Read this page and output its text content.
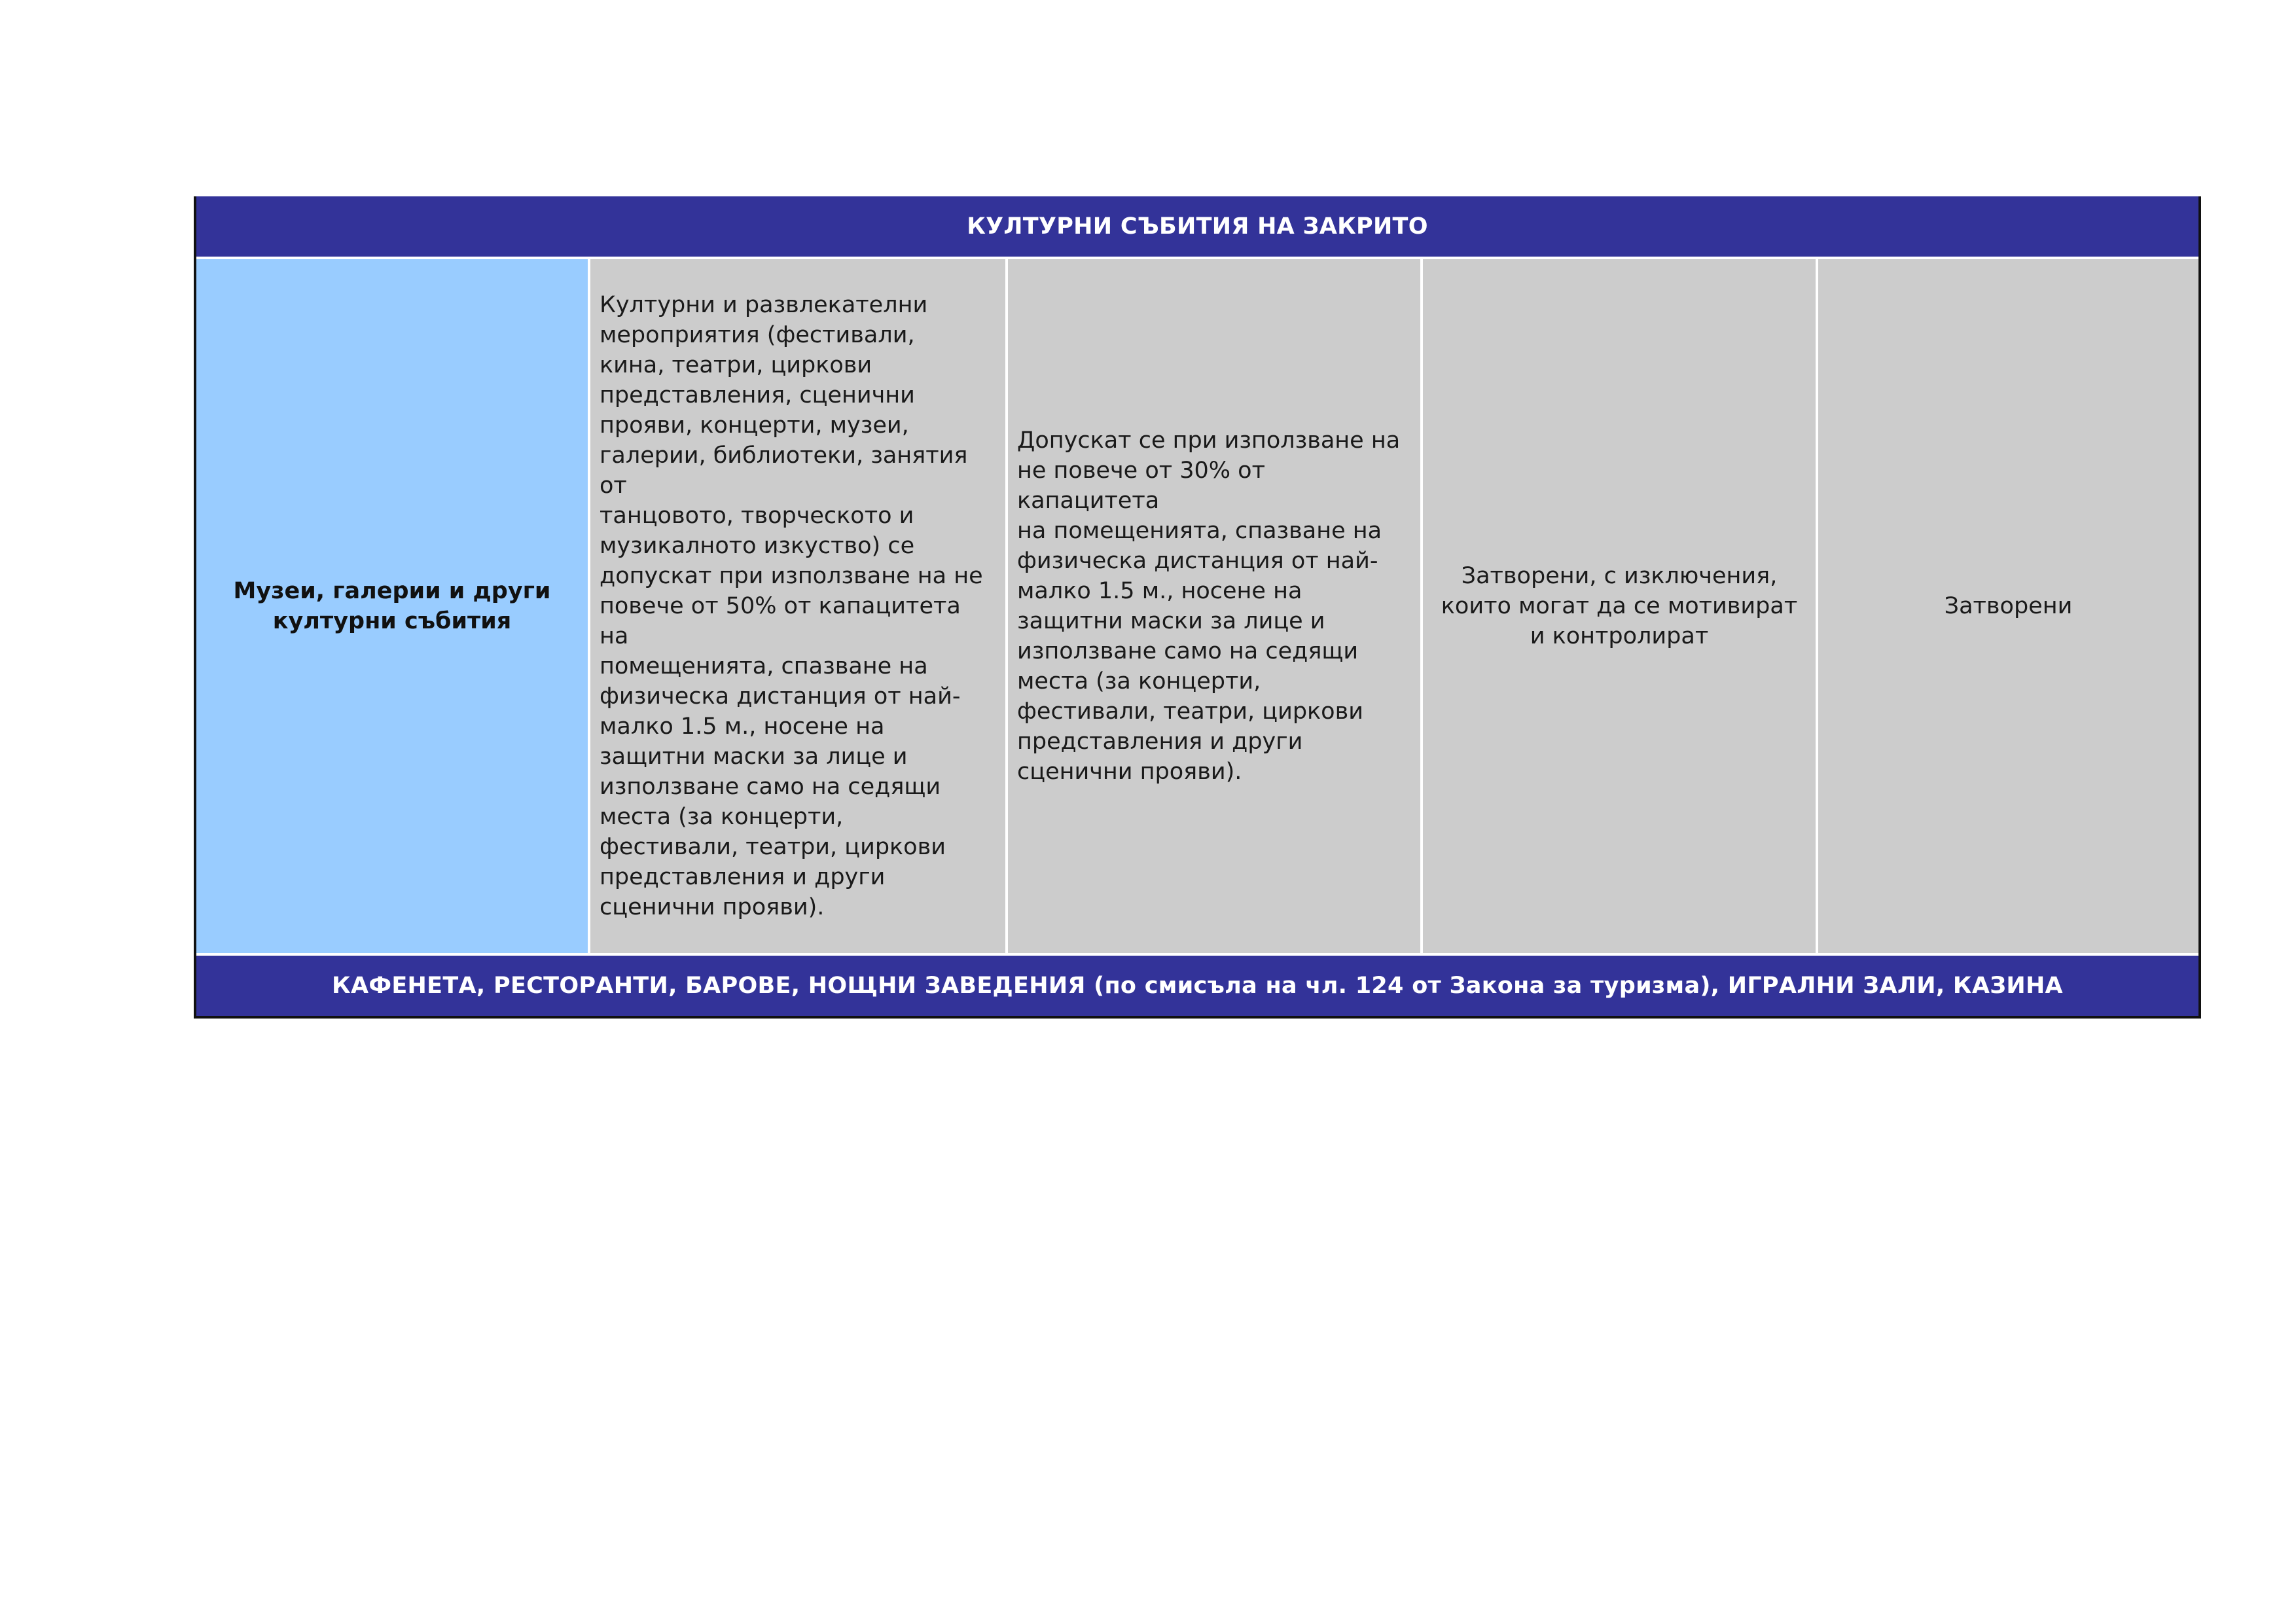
КУЛТУРНИ СЪБИТИЯ НА ЗАКРИТО
Музеи, галерии и други
културни събития
Културни и развлекателни
мероприятия (фестивали,
кина, театри, циркови
представления, сценични
прояви, концерти, музеи,
галерии, библиотеки, занятия от
танцовото, творческото и
музикалното изкуство) се
допускат при използване на не
повече от 50% от капацитета на
помещенията, спазване на
физическа дистанция от най-
малко 1.5 м., носене на
защитни маски за лице и
използване само на седящи
места (за концерти,
фестивали, театри, циркови
представления и други
сценични прояви).
Допускат се при използване на
не повече от 30% от капацитета
на помещенията, спазване на
физическа дистанция от най-
малко 1.5 м., носене на
защитни маски за лице и
използване само на седящи
места (за концерти,
фестивали, театри, циркови
представления и други
сценични прояви).
Затворени, с изключения,
които могат да се мотивират
и контролират
Затворени
КАФЕНЕТА, РЕСТОРАНТИ, БАРОВЕ, НОЩНИ ЗАВЕДЕНИЯ (по смисъла на чл. 124 от Закона за туризма), ИГРАЛНИ ЗАЛИ, КАЗИНА
